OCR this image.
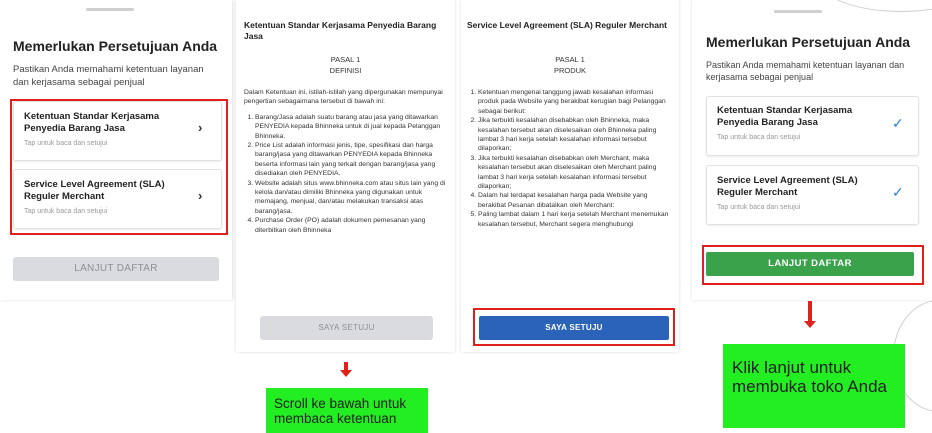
Memerlukan Persetujuan Anda
Pastikan Anda memahami ketentuan layanan dan kerjasama sebagai penjual
Ketentuan Standar Kerjasama Penyedia Barang Jasa
Tap untuk baca dan setujui
›
Service Level Agreement (SLA) Reguler Merchant
Tap untuk baca dan setujui
›
LANJUT DAFTAR
Ketentuan Standar Kerjasama Penyedia Barang Jasa
PASAL 1
DEFINISI

Dalam Ketentuan ini, istilah-istilah yang dipergunakan mempunyai pengertian sebagaimana tersebut di bawah ini:

1. Barang/Jasa adalah suatu barang atau jasa yang ditawarkan PENYEDIA kepada Bhinneka untuk di jual kepada Pelanggan Bhinneka.
2. Price List adalah informasi jenis, tipe, spesifikasi dan harga barang/jasa yang ditawarkan PENYEDIA kepada Bhinneka beserta informasi lain yang terkait dengan barang/jasa yang disediakan oleh PENYEDIA.
3. Website adalah situs www.bhinneka.com atau situs lain yang di kelola dan/atau dimiliki Bhinneka yang digunakan untuk memajang, menjual, dan/atau melakukan transaksi atas barang/jasa.
4. Purchase Order (PO) adalah dokumen pemesanan yang diterbitkan oleh Bhinneka
SAYA SETUJU
Service Level Agreement (SLA) Reguler Merchant
PASAL 1
PRODUK
1. Ketentuan mengenai tanggung jawab kesalahan informasi produk pada Website yang berakibat kerugian bagi Pelanggan sebagai berikut:
2. Jika terbukti kesalahan disebabkan oleh Bhinneka, maka kesalahan tersebut akan diselesaikan oleh Bhinneka paling lambat 3 hari kerja setelah kesalahan informasi tersebut dilaporkan;
3. Jika terbukti kesalahan disebabkan oleh Merchant, maka kesalahan tersebut akan diselesaikan oleh Merchant paling lambat 3 hari kerja setelah kesalahan informasi tersebut dilaporkan;
4. Dalam hal terdapat kesalahan harga pada Website yang berakibat Pesanan dibatalkan oleh Merchant:
5. Paling lambat dalam 1 hari kerja setelah Merchant menemukan kesalahan tersebut, Merchant segera menghubungi
SAYA SETUJU
Memerlukan Persetujuan Anda
Pastikan Anda memahami ketentuan layanan dan kerjasama sebagai penjual
Ketentuan Standar Kerjasama Penyedia Barang Jasa
Tap untuk baca dan setujui
✓
Service Level Agreement (SLA) Reguler Merchant
Tap untuk baca dan setujui
✓
LANJUT DAFTAR
Scroll ke bawah untuk membaca ketentuan
Klik lanjut untuk membuka toko Anda
